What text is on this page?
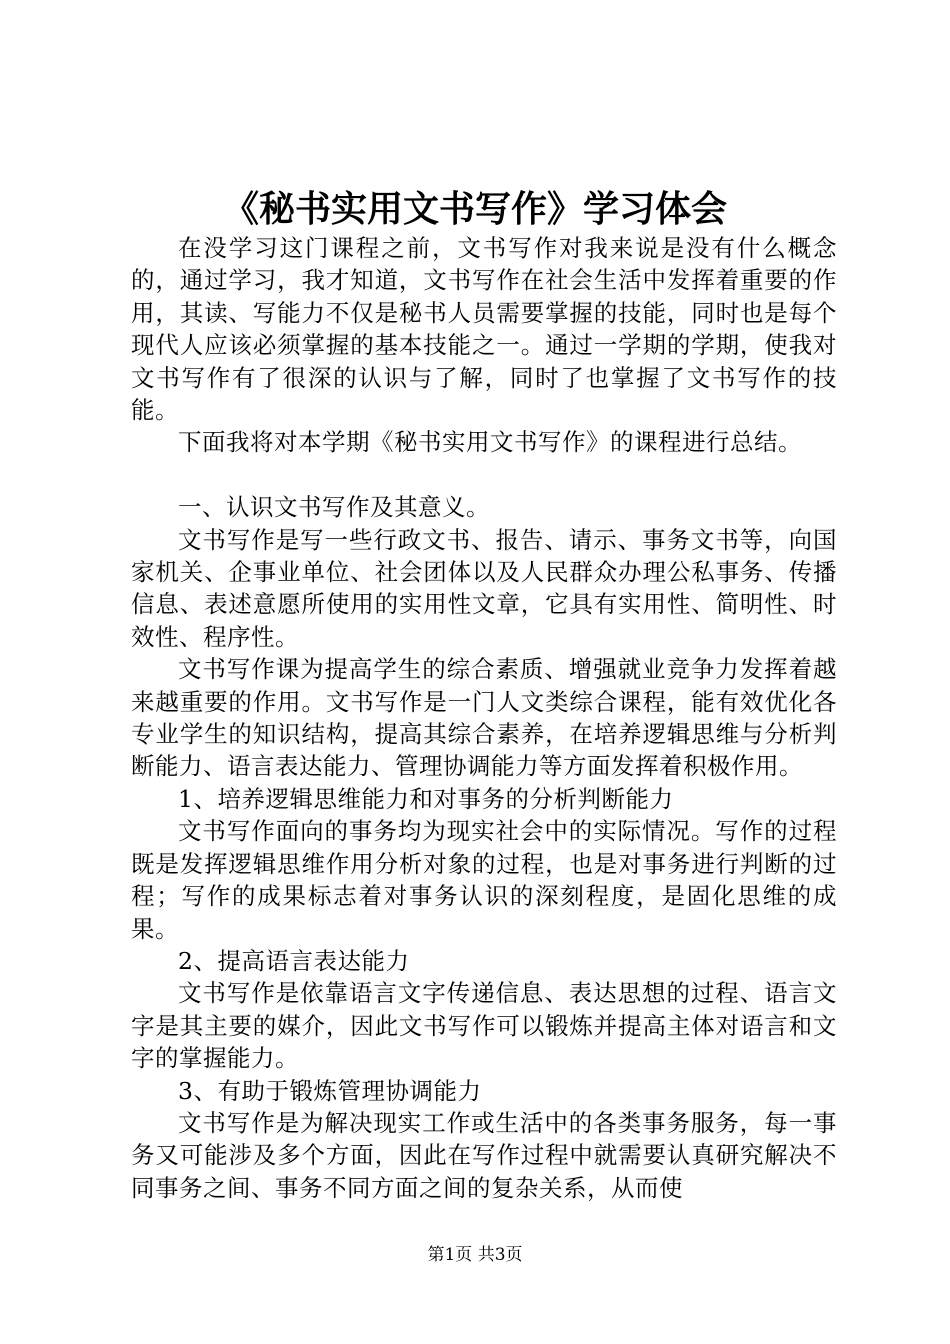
《秘书实用文书写作》学习体会

在没学习这门课程之前，文书写作对我来说是没有什么概念的，通过学习，我才知道，文书写作在社会生活中发挥着重要的作用，其读、写能力不仅是秘书人员需要掌握的技能，同时也是每个现代人应该必须掌握的基本技能之一。通过一学期的学期，使我对文书写作有了很深的认识与了解，同时了也掌握了文书写作的技能。

下面我将对本学期《秘书实用文书写作》的课程进行总结。

一、认识文书写作及其意义。

文书写作是写一些行政文书、报告、请示、事务文书等，向国家机关、企事业单位、社会团体以及人民群众办理公私事务、传播信息、表述意愿所使用的实用性文章，它具有实用性、简明性、时效性、程序性。

文书写作课为提高学生的综合素质、增强就业竞争力发挥着越来越重要的作用。文书写作是一门人文类综合课程，能有效优化各专业学生的知识结构，提高其综合素养，在培养逻辑思维与分析判断能力、语言表达能力、管理协调能力等方面发挥着积极作用。

1、培养逻辑思维能力和对事务的分析判断能力

文书写作面向的事务均为现实社会中的实际情况。写作的过程既是发挥逻辑思维作用分析对象的过程，也是对事务进行判断的过程；写作的成果标志着对事务认识的深刻程度，是固化思维的成果。

2、提高语言表达能力

文书写作是依靠语言文字传递信息、表达思想的过程、语言文字是其主要的媒介，因此文书写作可以锻炼并提高主体对语言和文字的掌握能力。

3、有助于锻炼管理协调能力

文书写作是为解决现实工作或生活中的各类事务服务，每一事务又可能涉及多个方面，因此在写作过程中就需要认真研究解决不同事务之间、事务不同方面之间的复杂关系，从而使

第1页 共3页
